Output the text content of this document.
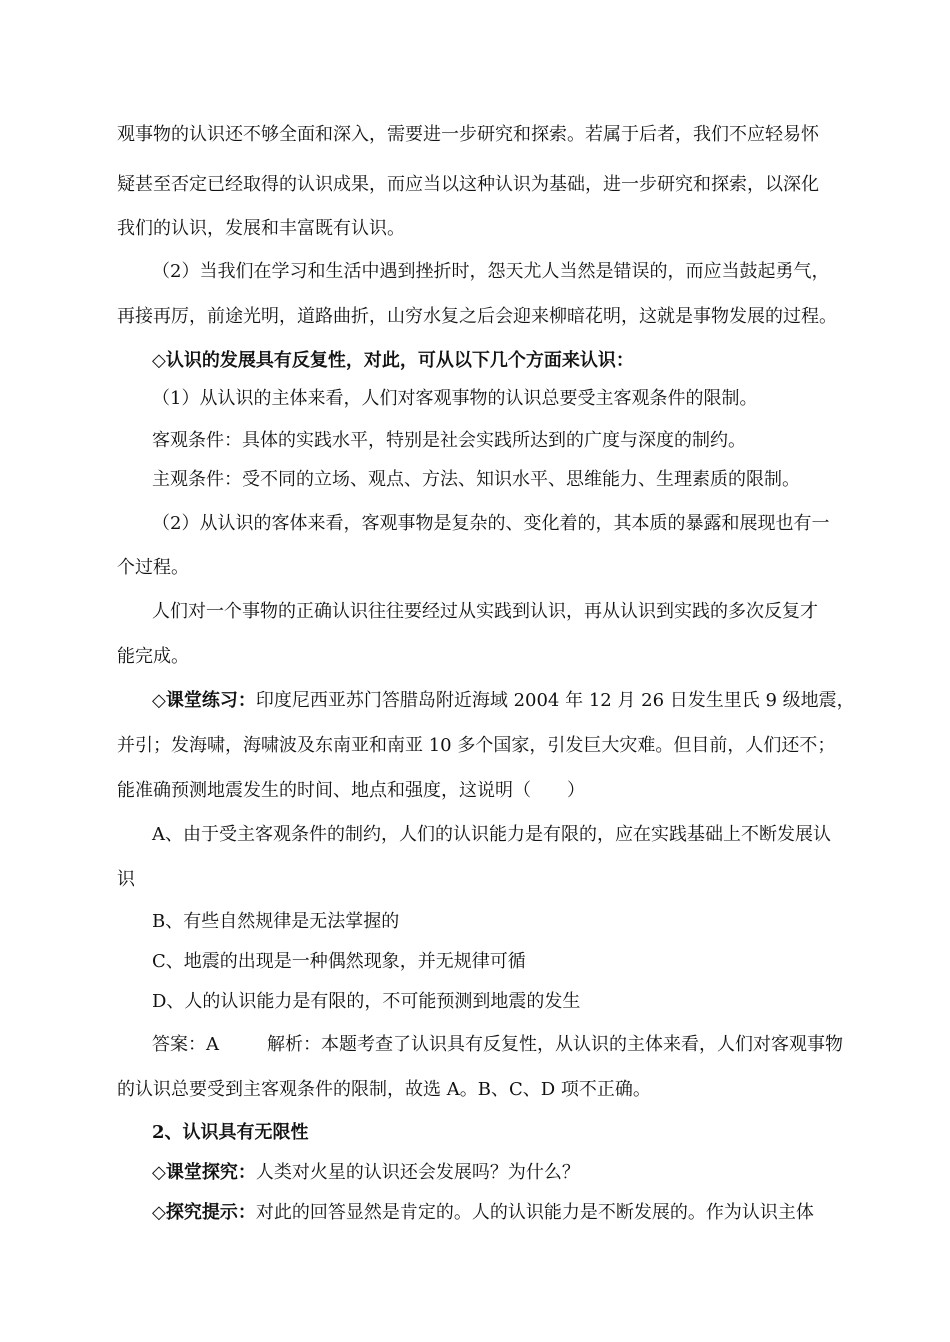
观事物的认识还不够全面和深入，需要进一步研究和探索。若属于后者，我们不应轻易怀
疑甚至否定已经取得的认识成果，而应当以这种认识为基础，进一步研究和探索，以深化
我们的认识，发展和丰富既有认识。
（2）当我们在学习和生活中遇到挫折时，怨天尤人当然是错误的，而应当鼓起勇气，
再接再厉，前途光明，道路曲折，山穷水复之后会迎来柳暗花明，这就是事物发展的过程。
◇认识的发展具有反复性，对此，可从以下几个方面来认识：
（1）从认识的主体来看，人们对客观事物的认识总要受主客观条件的限制。
客观条件：具体的实践水平，特别是社会实践所达到的广度与深度的制约。
主观条件：受不同的立场、观点、方法、知识水平、思维能力、生理素质的限制。
（2）从认识的客体来看，客观事物是复杂的、变化着的，其本质的暴露和展现也有一
个过程。
人们对一个事物的正确认识往往要经过从实践到认识，再从认识到实践的多次反复才
能完成。
◇课堂练习：印度尼西亚苏门答腊岛附近海域 2004 年 12 月 26 日发生里氏 9 级地震，
并引；发海啸，海啸波及东南亚和南亚 10 多个国家，引发巨大灾难。但目前，人们还不；
能准确预测地震发生的时间、地点和强度，这说明（　　）
A、由于受主客观条件的制约，人们的认识能力是有限的，应在实践基础上不断发展认
识
B、有些自然规律是无法掌握的
C、地震的出现是一种偶然现象，并无规律可循
D、人的认识能力是有限的，不可能预测到地震的发生
答案：A	解析：本题考查了认识具有反复性，从认识的主体来看，人们对客观事物
的认识总要受到主客观条件的限制，故选 A。B、C、D 项不正确。
2、认识具有无限性
◇课堂探究：人类对火星的认识还会发展吗？为什么？
◇探究提示：对此的回答显然是肯定的。人的认识能力是不断发展的。作为认识主体
